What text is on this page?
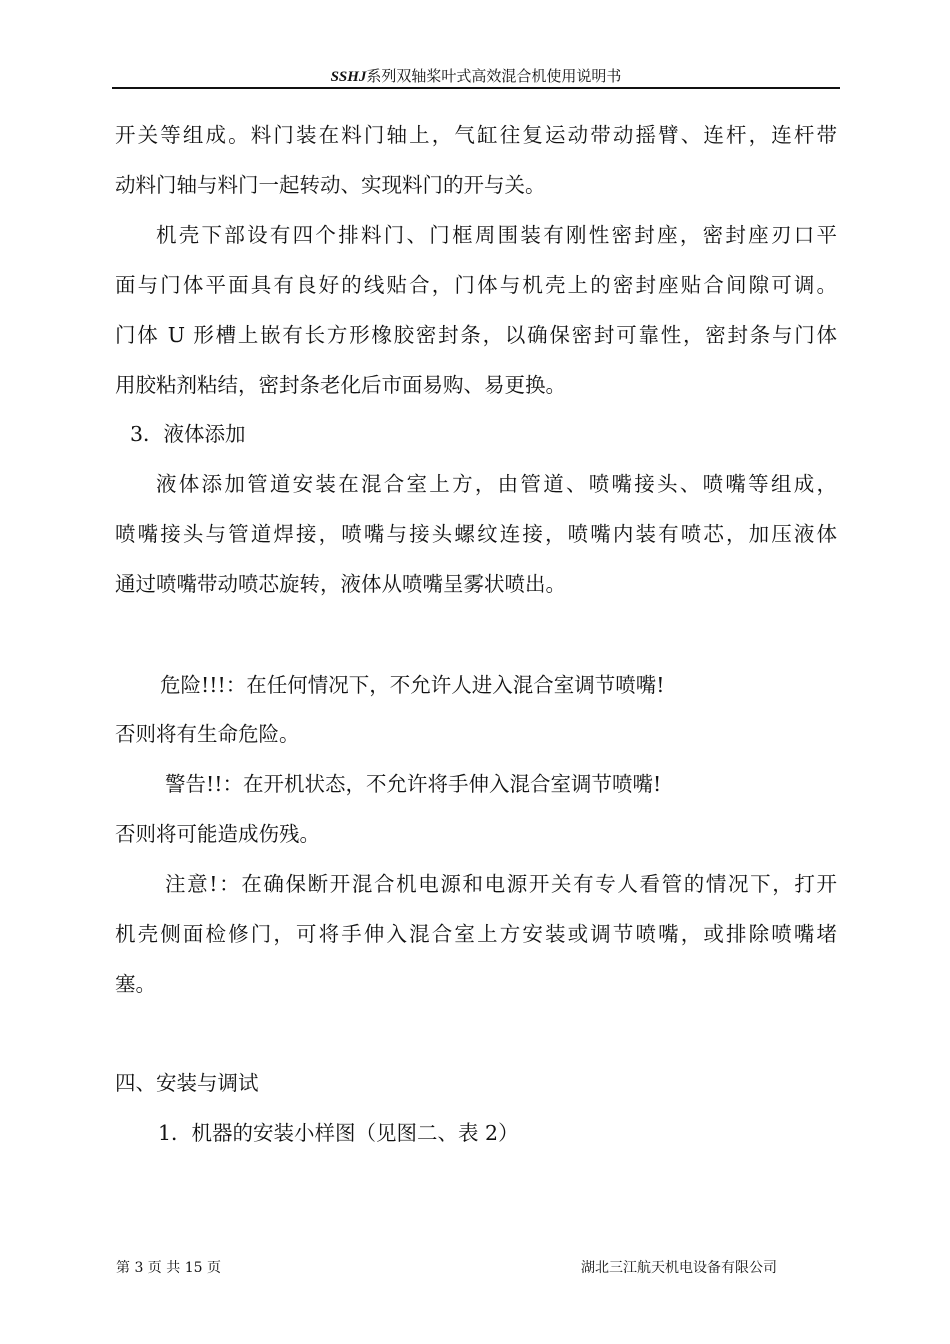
SSHJ系列双轴桨叶式高效混合机使用说明书
开关等组成。料门装在料门轴上，气缸往复运动带动摇臂、连杆，连杆带
动料门轴与料门一起转动、实现料门的开与关。
机壳下部设有四个排料门、门框周围装有刚性密封座，密封座刃口平
面与门体平面具有良好的线贴合，门体与机壳上的密封座贴合间隙可调。
门体 U 形槽上嵌有长方形橡胶密封条，以确保密封可靠性，密封条与门体
用胶粘剂粘结，密封条老化后市面易购、易更换。
3．液体添加
液体添加管道安装在混合室上方，由管道、喷嘴接头、喷嘴等组成，
喷嘴接头与管道焊接，喷嘴与接头螺纹连接，喷嘴内装有喷芯，加压液体
通过喷嘴带动喷芯旋转，液体从喷嘴呈雾状喷出。
危险!!!：在任何情况下，不允许人进入混合室调节喷嘴!
否则将有生命危险。
警告!!：在开机状态，不允许将手伸入混合室调节喷嘴!
否则将可能造成伤残。
注意!：在确保断开混合机电源和电源开关有专人看管的情况下，打开
机壳侧面检修门，可将手伸入混合室上方安装或调节喷嘴，或排除喷嘴堵
塞。
四、安装与调试
1．机器的安装小样图（见图二、表 2）
第 3 页 共 15 页	湖北三江航天机电设备有限公司
